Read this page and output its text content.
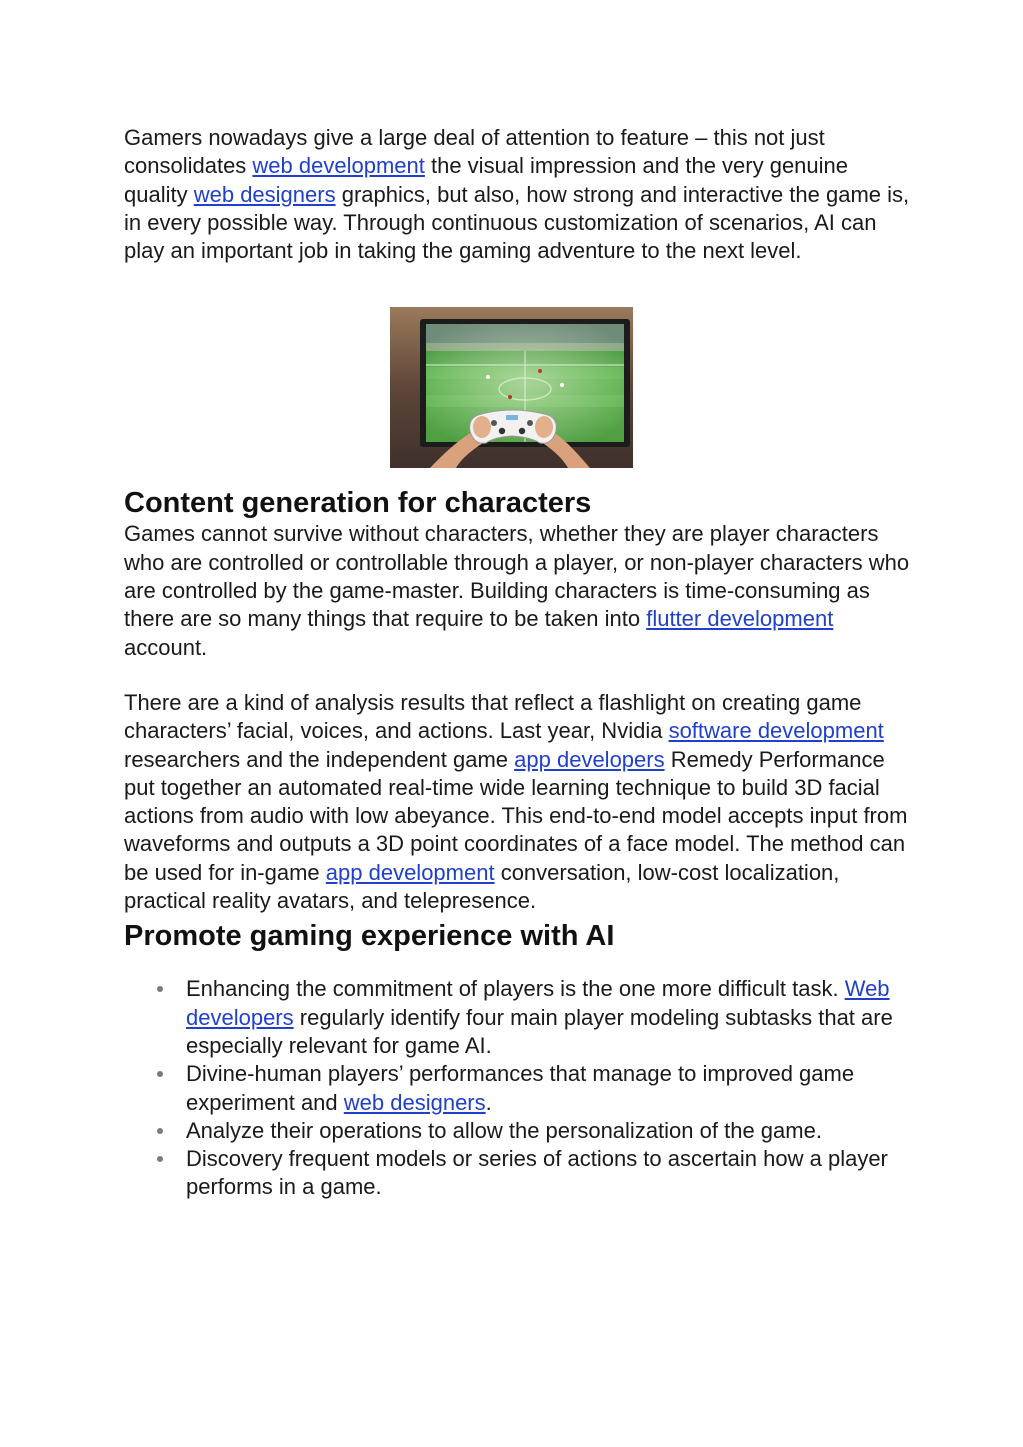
Gamers nowadays give a large deal of attention to feature – this not just consolidates web development the visual impression and the very genuine quality web designers graphics, but also, how strong and interactive the game is, in every possible way. Through continuous customization of scenarios, AI can play an important job in taking the gaming adventure to the next level.

Content generation for characters

Games cannot survive without characters, whether they are player characters who are controlled or controllable through a player, or non-player characters who are controlled by the game-master. Building characters is time-consuming as there are so many things that require to be taken into flutter development account.

There are a kind of analysis results that reflect a flashlight on creating game characters’ facial, voices, and actions. Last year, Nvidia software development researchers and the independent game app developers Remedy Performance put together an automated real-time wide learning technique to build 3D facial actions from audio with low abeyance. This end-to-end model accepts input from waveforms and outputs a 3D point coordinates of a face model. The method can be used for in-game app development conversation, low-cost localization, practical reality avatars, and telepresence.

Promote gaming experience with AI
Enhancing the commitment of players is the one more difficult task. Web developers regularly identify four main player modeling subtasks that are especially relevant for game AI.
Divine-human players’ performances that manage to improved game experiment and web designers.
Analyze their operations to allow the personalization of the game.
Discovery frequent models or series of actions to ascertain how a player performs in a game.
